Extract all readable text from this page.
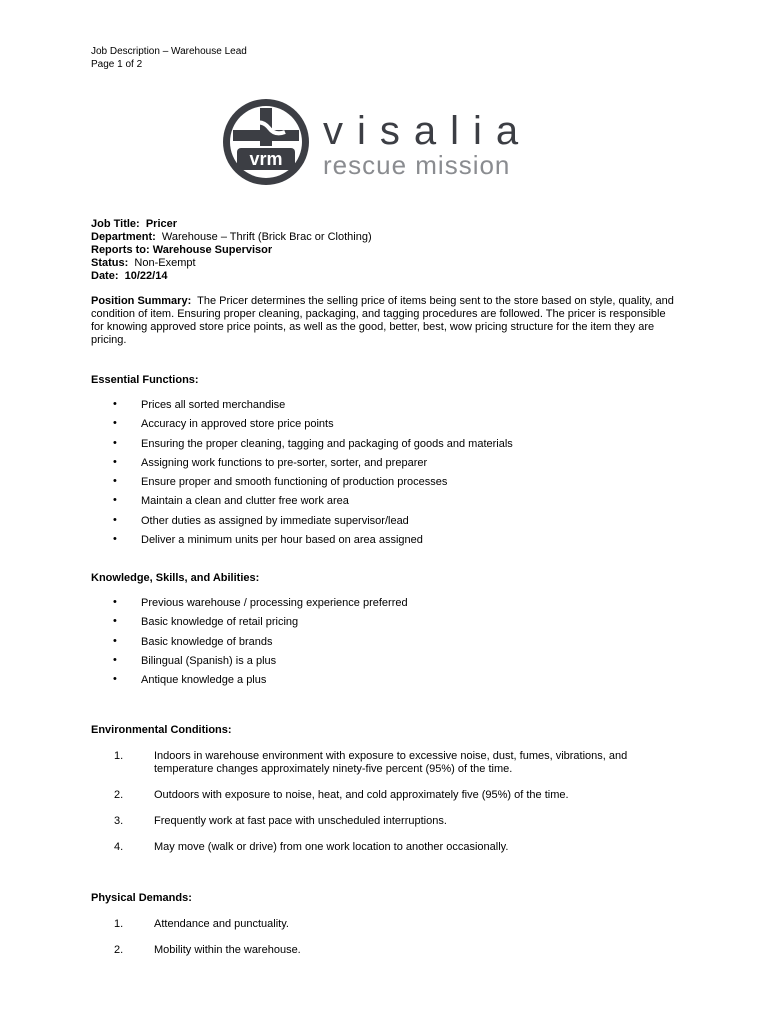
Job Description – Warehouse Lead
Page 1 of 2
vrm
visalia
rescue mission
Job Title: Pricer
Department: Warehouse – Thrift (Brick Brac or Clothing)
Reports to: Warehouse Supervisor
Status: Non-Exempt
Date: 10/22/14
Position Summary: The Pricer determines the selling price of items being sent to the store based on style, quality, and condition of item. Ensuring proper cleaning, packaging, and tagging procedures are followed. The pricer is responsible for knowing approved store price points, as well as the good, better, best, wow pricing structure for the item they are pricing.
Essential Functions:
• Prices all sorted merchandise
• Accuracy in approved store price points
• Ensuring the proper cleaning, tagging and packaging of goods and materials
• Assigning work functions to pre-sorter, sorter, and preparer
• Ensure proper and smooth functioning of production processes
• Maintain a clean and clutter free work area
• Other duties as assigned by immediate supervisor/lead
• Deliver a minimum units per hour based on area assigned
Knowledge, Skills, and Abilities:
• Previous warehouse / processing experience preferred
• Basic knowledge of retail pricing
• Basic knowledge of brands
• Bilingual (Spanish) is a plus
• Antique knowledge a plus
Environmental Conditions:
1.	Indoors in warehouse environment with exposure to excessive noise, dust, fumes, vibrations, and temperature changes approximately ninety-five percent (95%) of the time.
2.	Outdoors with exposure to noise, heat, and cold approximately five (95%) of the time.
3.	Frequently work at fast pace with unscheduled interruptions.
4.	May move (walk or drive) from one work location to another occasionally.
Physical Demands:
1.	Attendance and punctuality.
2.	Mobility within the warehouse.
